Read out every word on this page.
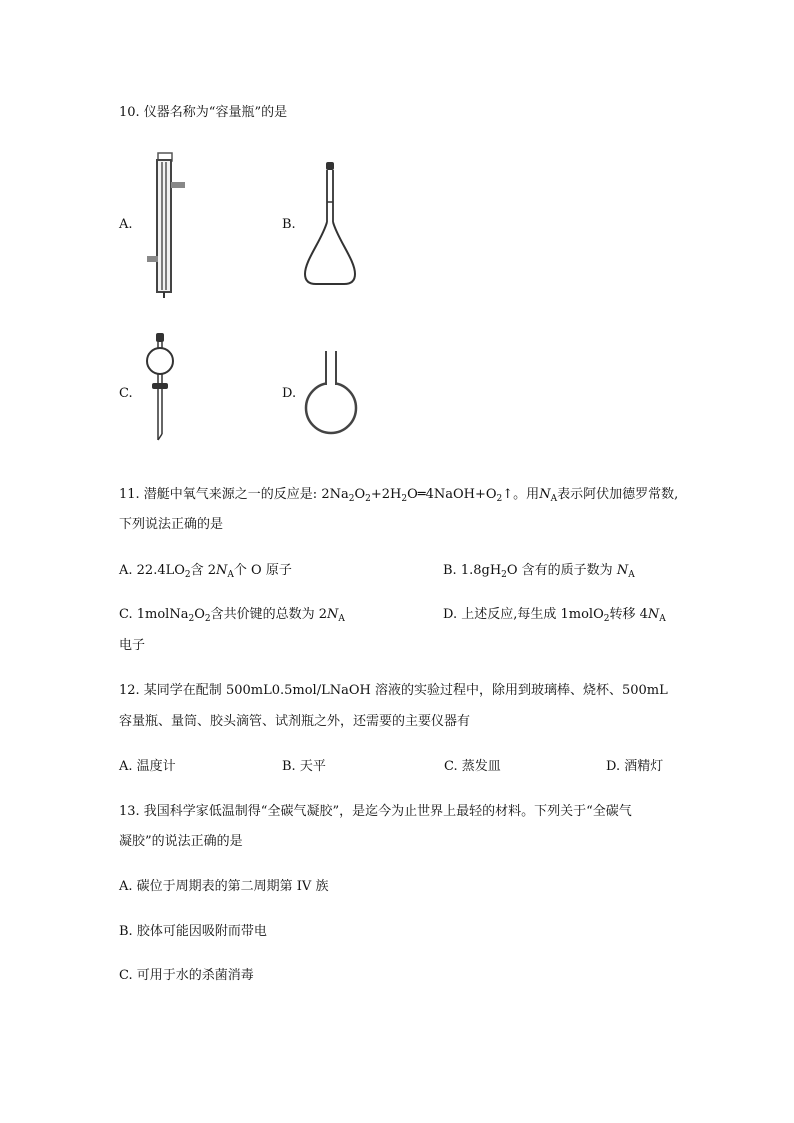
10. 仪器名称为“容量瓶”的是
A.	B.
C.	D.
11. 潜艇中氧气来源之一的反应是: $2Na_2O_2+2H_2O═4NaOH+O_2↑$。用$N_A$表示阿伏加德罗常数,
下列说法正确的是
A. $22.4LO_2$含 $2N_A$个 O 原子	B. $1.8gH_2O$ 含有的质子数为 $N_A$
C. $1molNa_2O_2$含共价键的总数为 $2N_A$	D. 上述反应,每生成 1molO$_2$转移 $4N_A$
电子
12. 某同学在配制 500mL0.5mol/LNaOH 溶液的实验过程中，除用到玻璃棒、烧杯、500mL
容量瓶、量筒、胶头滴管、试剂瓶之外，还需要的主要仪器有
A. 温度计	B. 天平	C. 蒸发皿	D. 酒精灯
13. 我国科学家低温制得“全碳气凝胶”，是迄今为止世界上最轻的材料。下列关于“全碳气
凝胶”的说法正确的是
A. 碳位于周期表的第二周期第 IV 族
B. 胶体可能因吸附而带电
C. 可用于水的杀菌消毒
